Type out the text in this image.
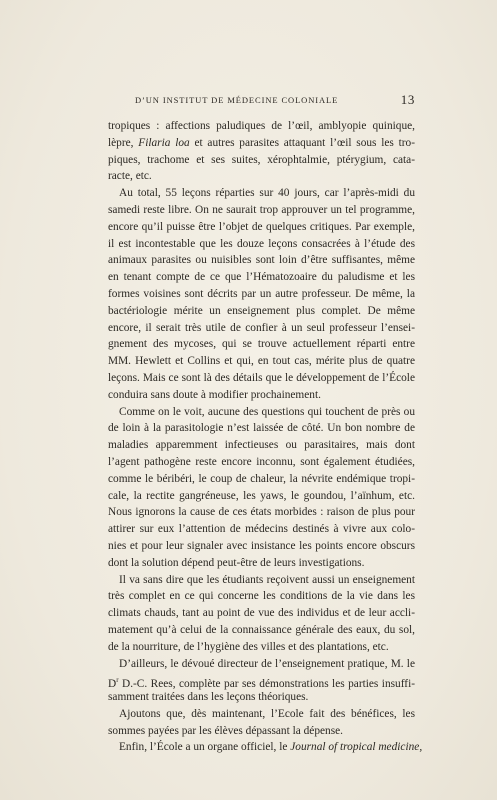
D’UN INSTITUT DE MÉDECINE COLONIALE	13
tropiques : affections paludiques de l’œil, amblyopie quinique,
lèpre, Filaria loa et autres parasites attaquant l’œil sous les tro-
piques, trachome et ses suites, xérophtalmie, ptérygium, cata-
racte, etc.
Au total, 55 leçons réparties sur 40 jours, car l’après-midi du
samedi reste libre. On ne saurait trop approuver un tel programme,
encore qu’il puisse être l’objet de quelques critiques. Par exemple,
il est incontestable que les douze leçons consacrées à l’étude des
animaux parasites ou nuisibles sont loin d’être suffisantes, même
en tenant compte de ce que l’Hématozoaire du paludisme et les
formes voisines sont décrits par un autre professeur. De même, la
bactériologie mérite un enseignement plus complet. De même
encore, il serait très utile de confier à un seul professeur l’ensei-
gnement des mycoses, qui se trouve actuellement réparti entre
MM. Hewlett et Collins et qui, en tout cas, mérite plus de quatre
leçons. Mais ce sont là des détails que le développement de l’École
conduira sans doute à modifier prochainement.
Comme on le voit, aucune des questions qui touchent de près ou
de loin à la parasitologie n’est laissée de côté. Un bon nombre de
maladies apparemment infectieuses ou parasitaires, mais dont
l’agent pathogène reste encore inconnu, sont également étudiées,
comme le béribéri, le coup de chaleur, la névrite endémique tropi-
cale, la rectite gangréneuse, les yaws, le goundou, l’aïnhum, etc.
Nous ignorons la cause de ces états morbides : raison de plus pour
attirer sur eux l’attention de médecins destinés à vivre aux colo-
nies et pour leur signaler avec insistance les points encore obscurs
dont la solution dépend peut-être de leurs investigations.
Il va sans dire que les étudiants reçoivent aussi un enseignement
très complet en ce qui concerne les conditions de la vie dans les
climats chauds, tant au point de vue des individus et de leur accli-
matement qu’à celui de la connaissance générale des eaux, du sol,
de la nourriture, de l’hygiène des villes et des plantations, etc.
D’ailleurs, le dévoué directeur de l’enseignement pratique, M. le
$D^r$ D.-C. Rees, complète par ses démonstrations les parties insuffi-
samment traitées dans les leçons théoriques.
Ajoutons que, dès maintenant, l’Ecole fait des bénéfices, les
sommes payées par les élèves dépassant la dépense.
Enfin, l’École a un organe officiel, le Journal of tropical medicine,
